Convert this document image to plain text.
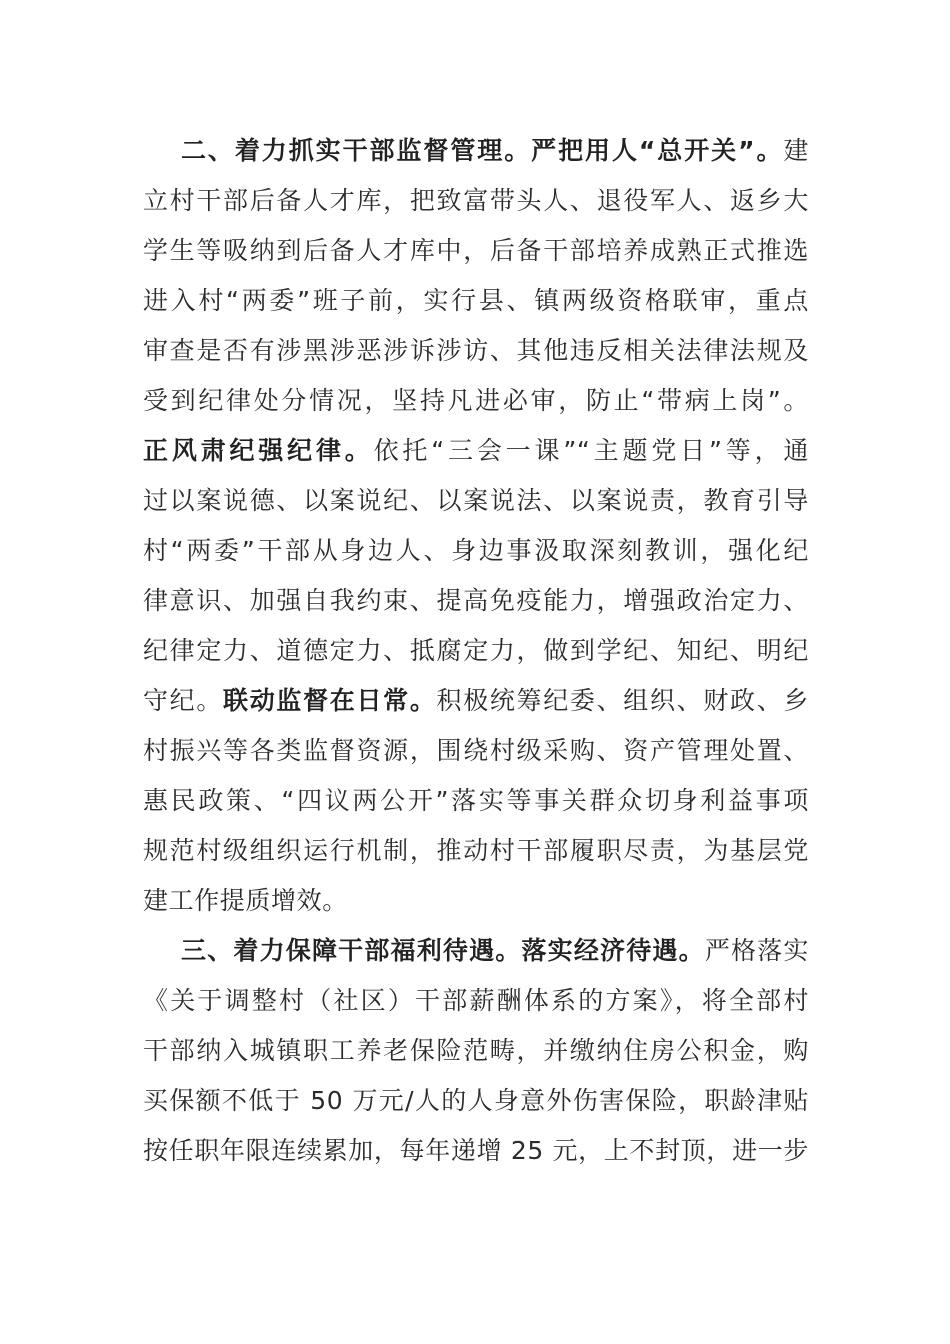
二、着力抓实干部监督管理。严把用人“总开关”。建
立村干部后备人才库，把致富带头人、退役军人、返乡大
学生等吸纳到后备人才库中，后备干部培养成熟正式推选
进入村“两委”班子前，实行县、镇两级资格联审，重点
审查是否有涉黑涉恶涉诉涉访、其他违反相关法律法规及
受到纪律处分情况，坚持凡进必审，防止“带病上岗”。
正风肃纪强纪律。依托“三会一课”“主题党日”等，通
过以案说德、以案说纪、以案说法、以案说责，教育引导
村“两委”干部从身边人、身边事汲取深刻教训，强化纪
律意识、加强自我约束、提高免疫能力，增强政治定力、
纪律定力、道德定力、抵腐定力，做到学纪、知纪、明纪
守纪。联动监督在日常。积极统筹纪委、组织、财政、乡
村振兴等各类监督资源，围绕村级采购、资产管理处置、
惠民政策、“四议两公开”落实等事关群众切身利益事项
规范村级组织运行机制，推动村干部履职尽责，为基层党
建工作提质增效。
三、着力保障干部福利待遇。落实经济待遇。严格落实
《关于调整村（社区）干部薪酬体系的方案》，将全部村
干部纳入城镇职工养老保险范畴，并缴纳住房公积金，购
买保额不低于 50 万元/人的人身意外伤害保险，职龄津贴
按任职年限连续累加，每年递增 25 元，上不封顶，进一步
